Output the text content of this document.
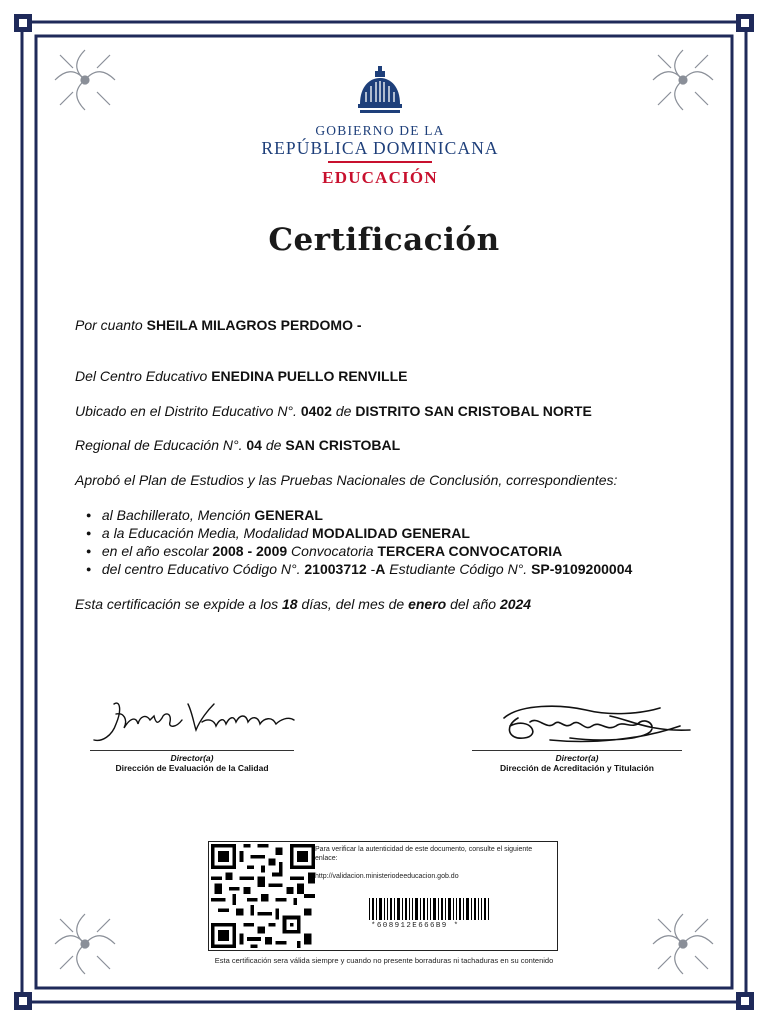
GOBIERNO DE LA
REPÚBLICA DOMINICANA
EDUCACIÓN
Certificación
Por cuanto SHEILA MILAGROS PERDOMO -
Del Centro Educativo ENEDINA PUELLO RENVILLE
Ubicado en el Distrito Educativo N°. 0402 de DISTRITO SAN CRISTOBAL NORTE
Regional de Educación N°. 04 de SAN CRISTOBAL
Aprobó el Plan de Estudios y las Pruebas Nacionales de Conclusión, correspondientes:
● al Bachillerato, Mención GENERAL
● a la Educación Media, Modalidad MODALIDAD GENERAL
● en el año escolar 2008 - 2009 Convocatoria TERCERA CONVOCATORIA
● del centro Educativo Código N°. 21003712 -A Estudiante Código N°. SP-9109200004
Esta certificación se expide a los 18 días, del mes de enero del año 2024
Director(a)
Dirección de Evaluación de la Calidad
Director(a)
Dirección de Acreditación y Titulación
Para verificar la autenticidad de este documento, consulte el siguiente enlace:
http://validacion.ministeriodeeducacion.gob.do
*608912E666B9 *
Esta certificación sera válida siempre y cuando no presente borraduras ni tachaduras en su contenido
